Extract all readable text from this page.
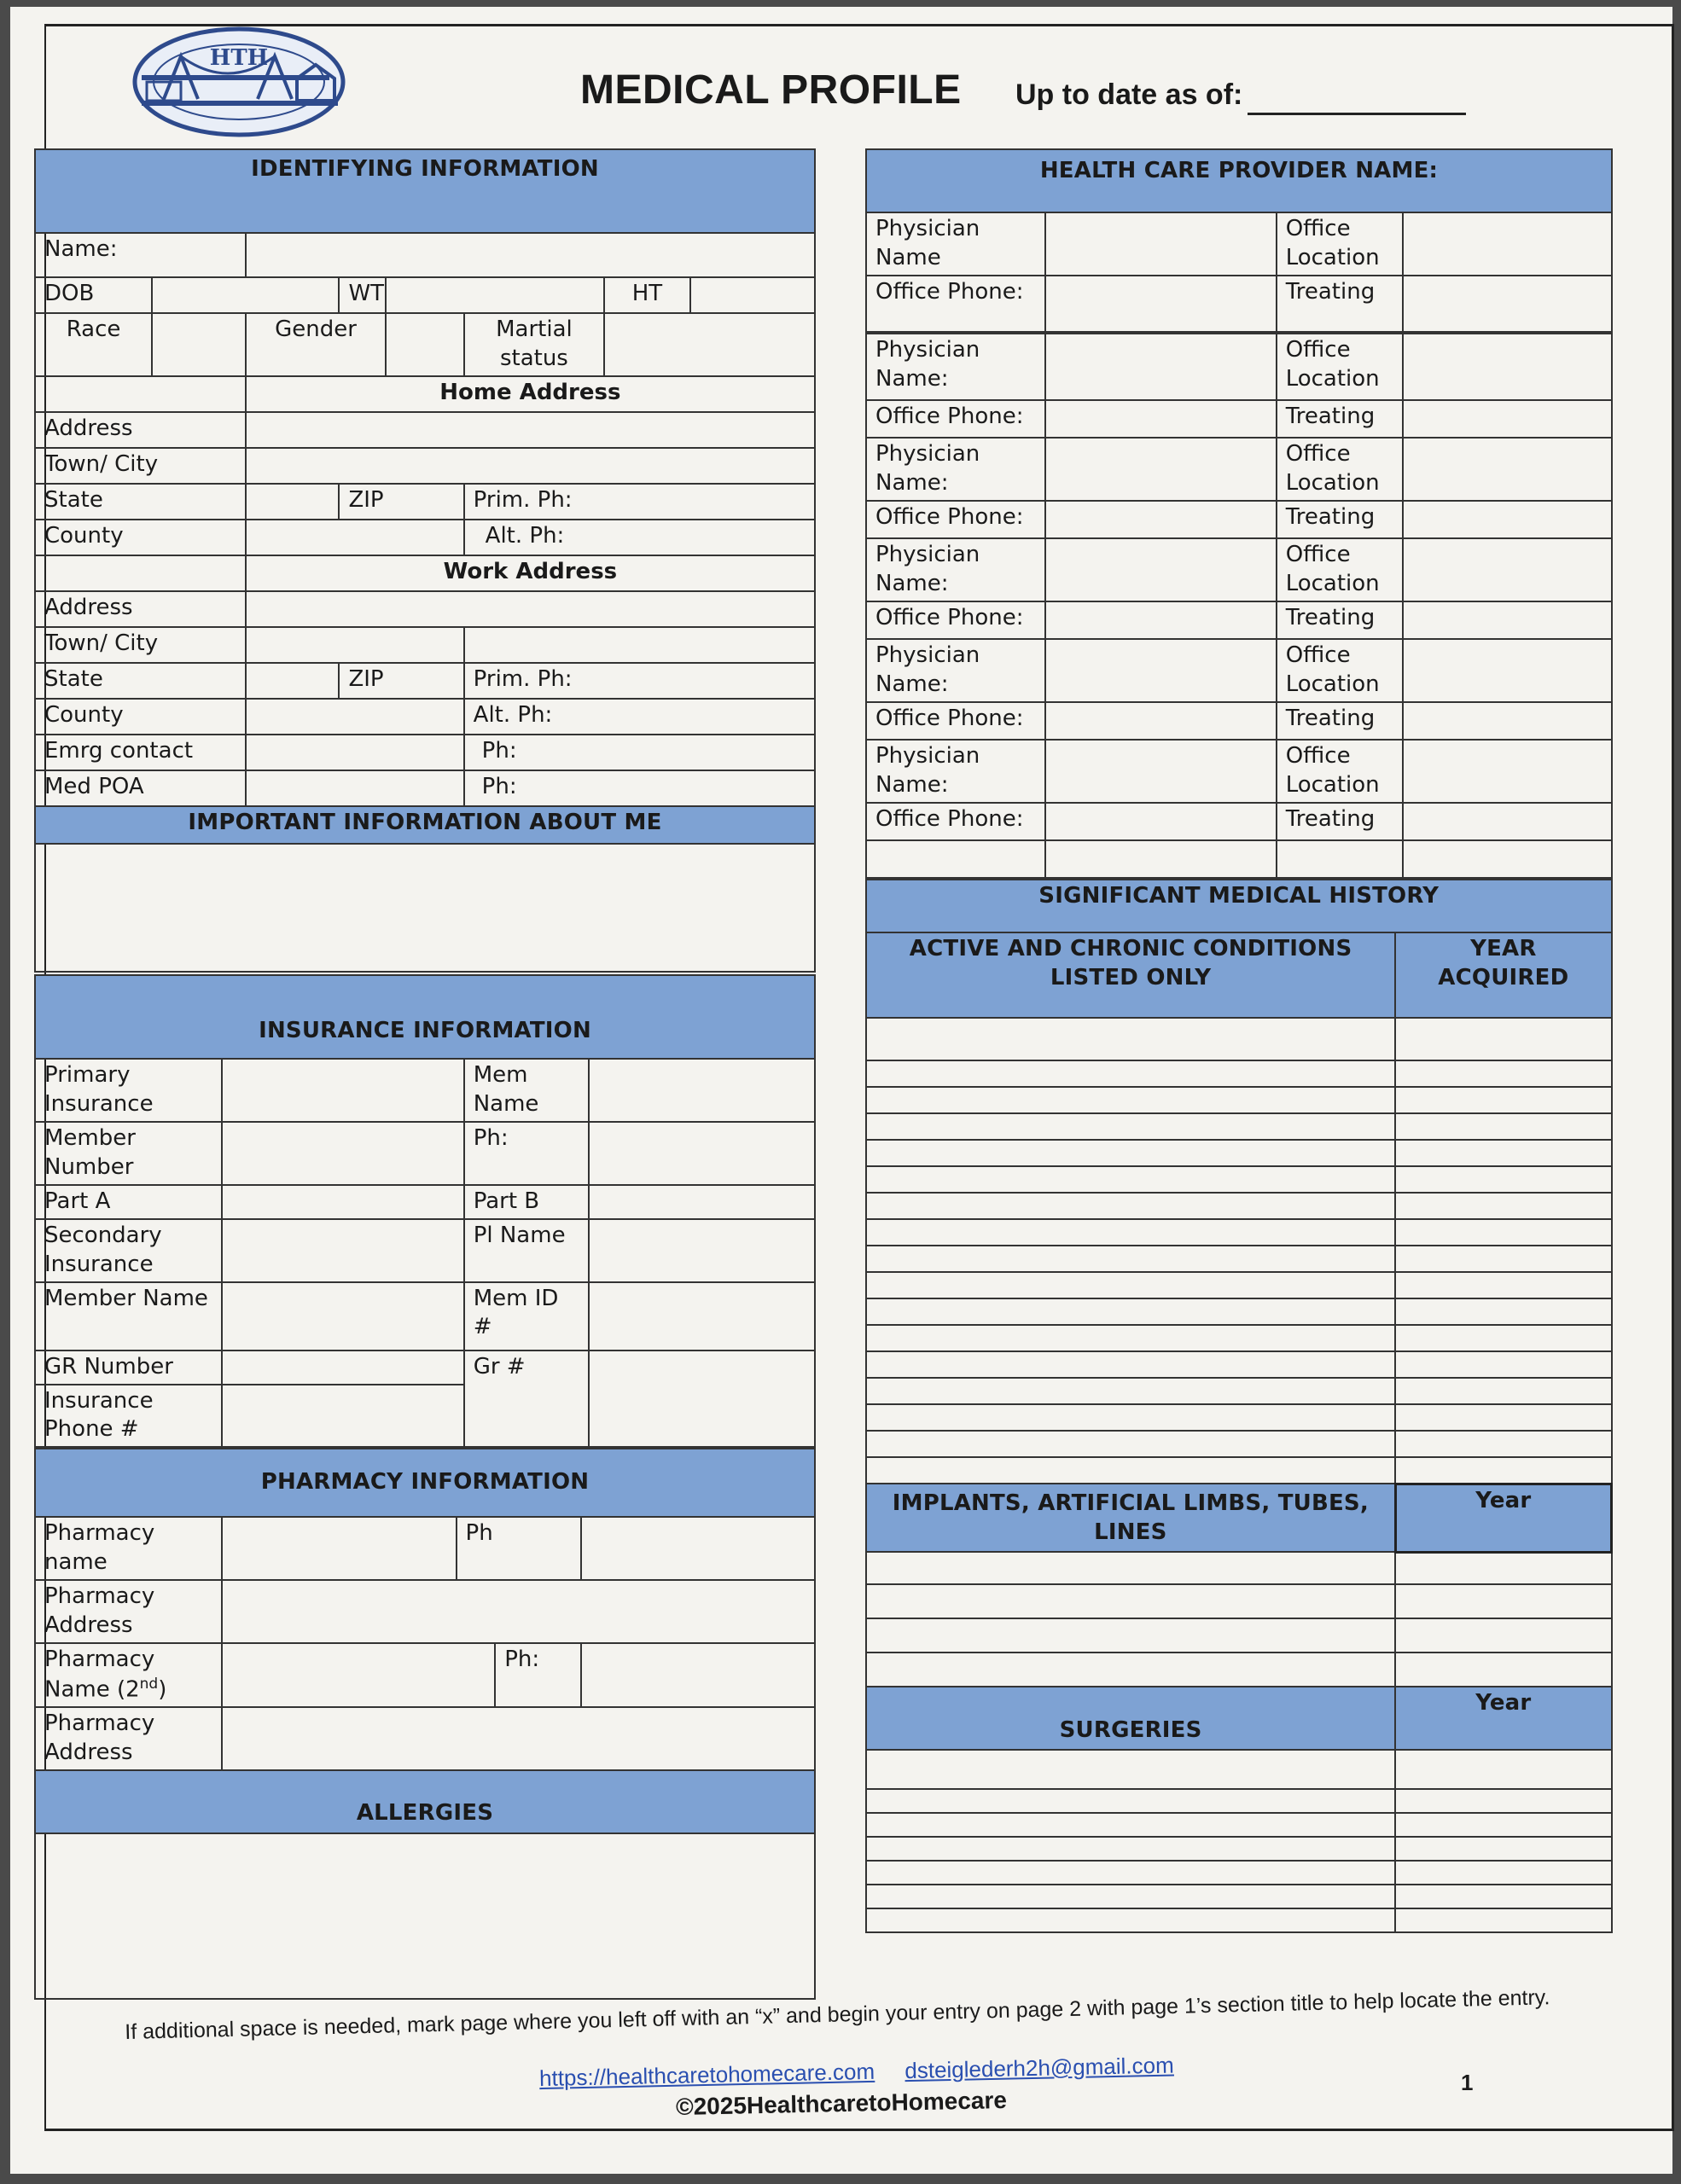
HTH
MEDICAL PROFILE Up to date as of:
IDENTIFYING INFORMATION							
Name:							
DOB			WT			HT	
Race		Gender			Martial status		
		Home Address					
Address							
Town/ City							
State			ZIP		Prim. Ph:		
County					Alt. Ph:		
		Work Address					
Address							
Town/ City							
State			ZIP		Prim. Ph:		
County					Alt. Ph:		
Emrg contact					Ph:		
Med POA					Ph:		
IMPORTANT INFORMATION ABOUT ME							

INSURANCE INFORMATION			
Primary Insurance		Mem Name	
Member Number		Ph:	
Part A		Part B	
Secondary Insurance		Pl Name	
Member Name		Mem ID #	
GR Number		Gr #	
Insurance Phone #			
PHARMACY INFORMATION				
Pharmacy name		Ph		
Pharmacy Address				
Pharmacy Name (2nd)			Ph:	
Pharmacy Address				
ALLERGIES				

HEALTH CARE PROVIDER NAME:			
Physician Name		Office Location	
Office Phone:		Treating	
Physician Name:		Office Location	
Office Phone:		Treating	
Physician Name:		Office Location	
Office Phone:		Treating	
Physician Name:		Office Location	
Office Phone:		Treating	
Physician Name:		Office Location	
Office Phone:		Treating	
Physician Name:		Office Location	
Office Phone:		Treating	

SIGNIFICANT MEDICAL HISTORY	
ACTIVE AND CHRONIC CONDITIONS LISTED ONLY	YEAR ACQUIRED

IMPLANTS, ARTIFICIAL LIMBS, TUBES, LINES	Year

SURGERIES	Year

If additional space is needed, mark page where you left off with an “x” and begin your entry on page 2 with page 1’s section title to help locate the entry.
https://healthcaretohomecare.com dsteiglederh2h@gmail.com
©2025HealthcaretoHomecare
1
